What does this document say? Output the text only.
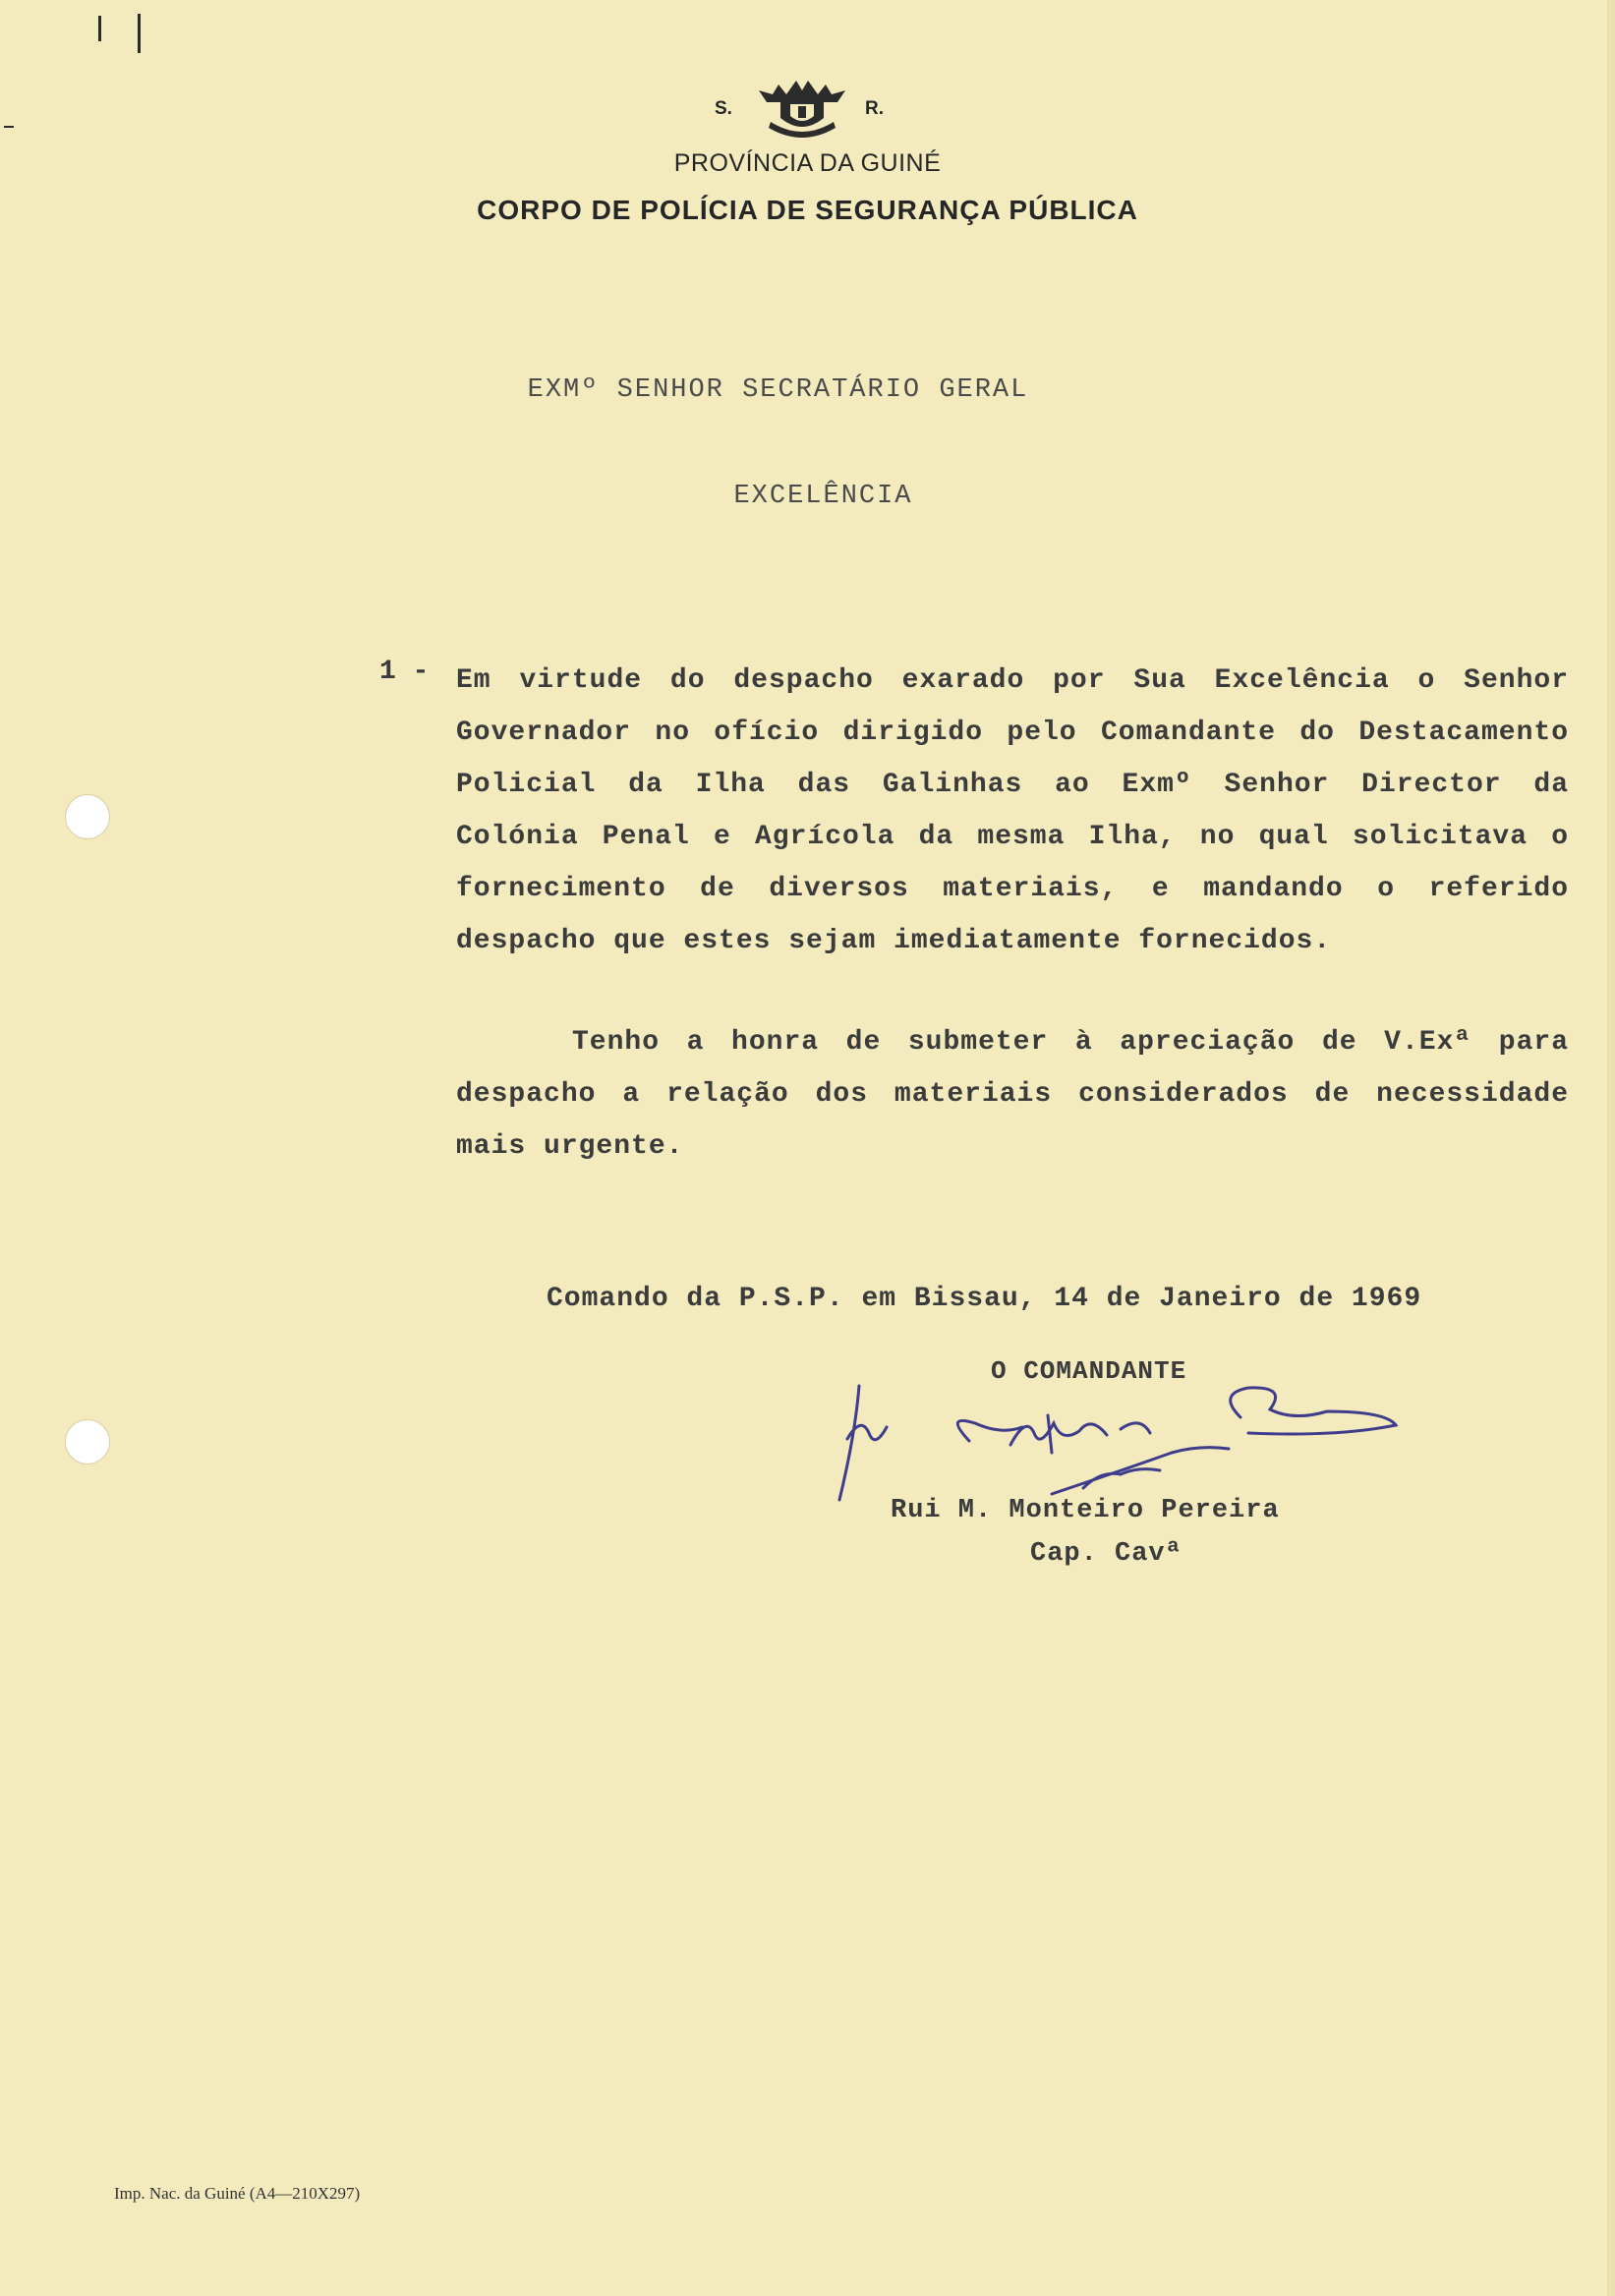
S.	R.
PROVÍNCIA DA GUINÉ
CORPO DE POLÍCIA DE SEGURANÇA PÚBLICA
EXMº SENHOR SECRATÁRIO GERAL
EXCELÊNCIA
1 - Em virtude do despacho exarado por Sua Excelência o Senhor Governador no ofício dirigido pelo Comandante do Destacamento Policial da Ilha das Galinhas ao Exmº Senhor Director da Colónia Penal e Agrícola da mesma Ilha, no qual solicitava o fornecimento de diversos materiais, e mandando o referido despacho que estes sejam imediatamente fornecidos.
Tenho a honra de submeter à apreciação de V.Exª para despacho a relação dos materiais considerados de necessidade mais urgente.
Comando da P.S.P. em Bissau, 14 de Janeiro de 1969
O COMANDANTE
Rui M. Monteiro Pereira
Cap. Cavª
Imp. Nac. da Guiné (A4—210X297)
